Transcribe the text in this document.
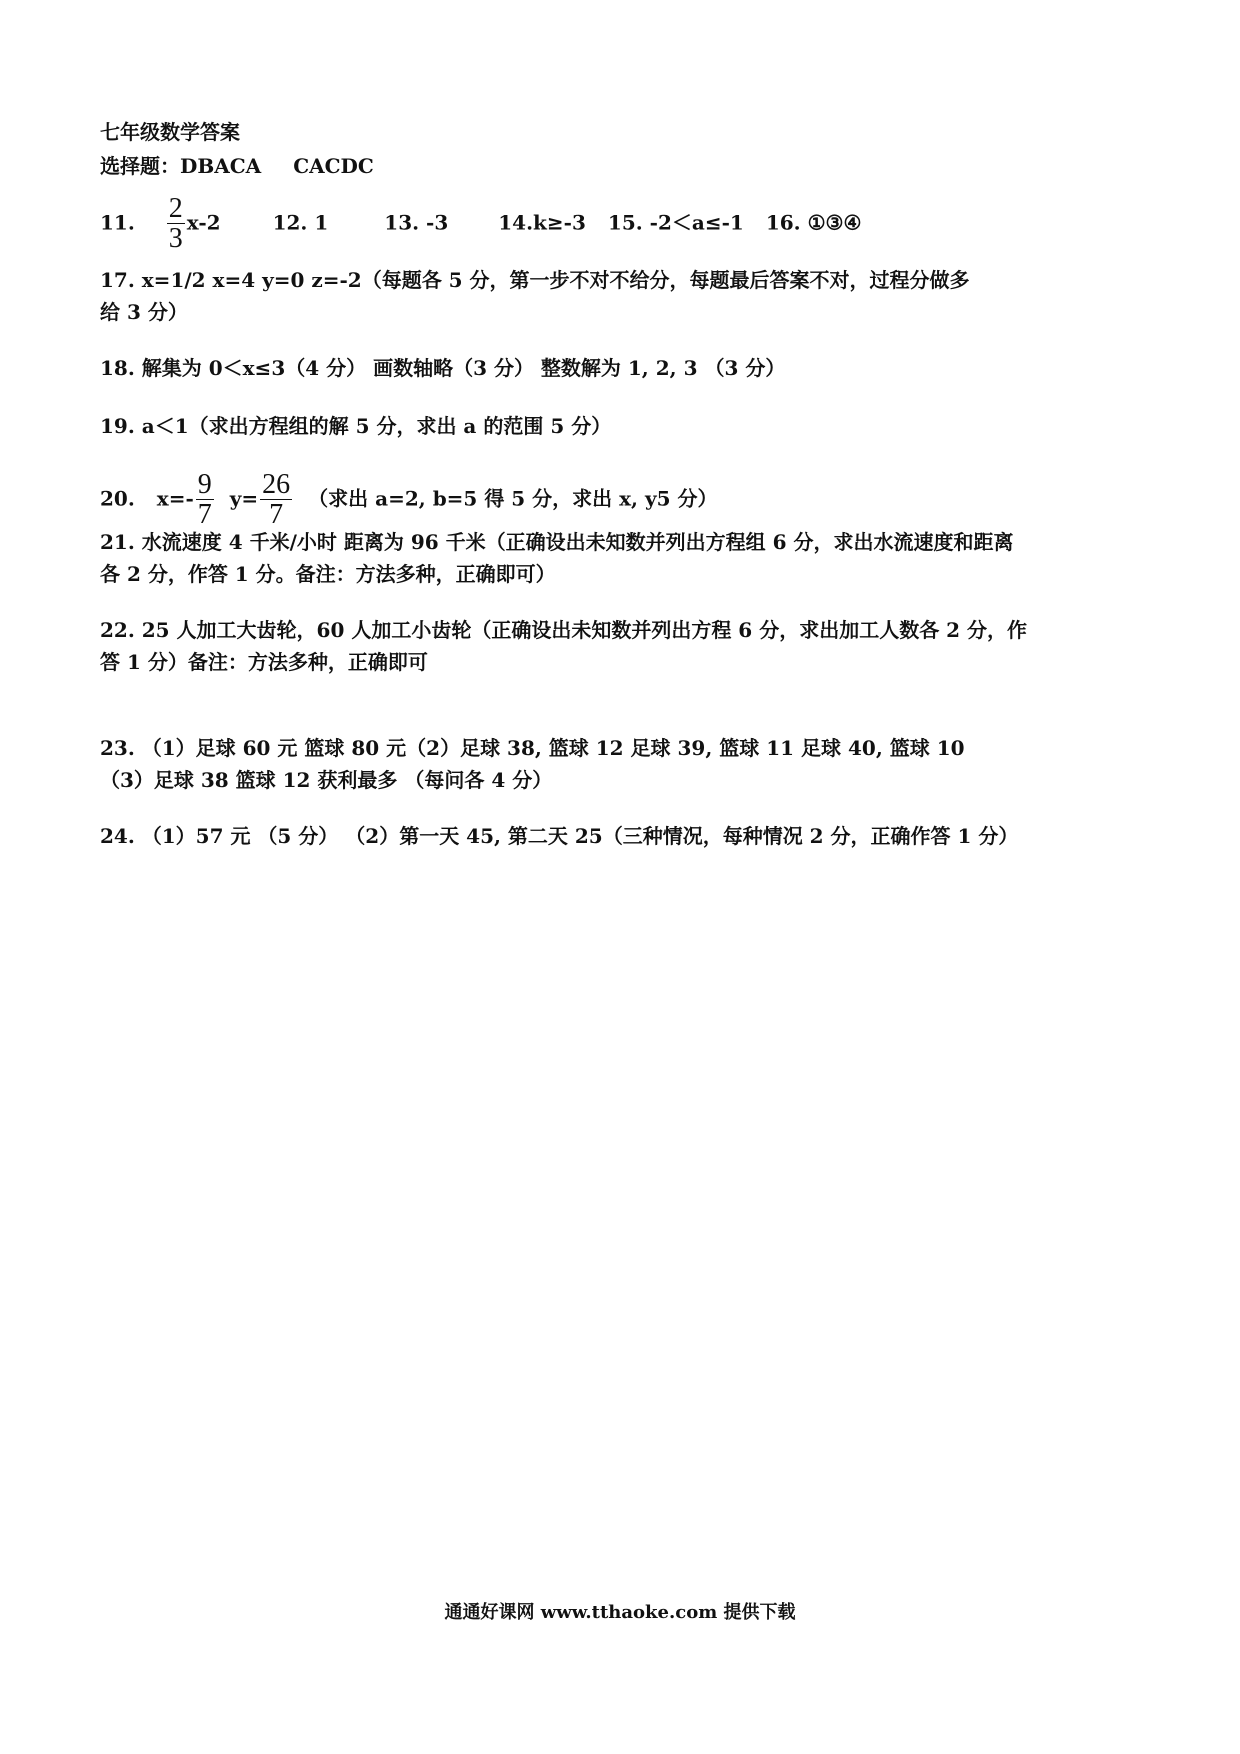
七年级数学答案
选择题：DBACA CACDC
11. $\frac{2}{3} x-2$	12. 1	13. -3	14.k≥-3 15. -2＜a≤-1 16. ①③④
17. x=1/2 x=4 y=0 z=-2（每题各 5 分，第一步不对不给分，每题最后答案不对，过程分做多
给 3 分）
18. 解集为 0＜x≤3（4 分） 画数轴略（3 分） 整数解为 1, 2, 3 （3 分）
19. a＜1（求出方程组的解 5 分，求出 a 的范围 5 分）
20. $x=- \frac{9}{7} y= \frac{26}{7}$ （求出 a=2, b=5 得 5 分，求出 x, y5 分）
21. 水流速度 4 千米/小时 距离为 96 千米（正确设出未知数并列出方程组 6 分，求出水流速度和距离
各 2 分，作答 1 分。备注：方法多种，正确即可）
22. 25 人加工大齿轮，60 人加工小齿轮（正确设出未知数并列出方程 6 分，求出加工人数各 2 分，作
答 1 分）备注：方法多种，正确即可
23. （1）足球 60 元 篮球 80 元（2）足球 38, 篮球 12 足球 39, 篮球 11 足球 40, 篮球 10
（3）足球 38 篮球 12 获利最多 （每问各 4 分）
24. （1）57 元 （5 分） （2）第一天 45, 第二天 25（三种情况，每种情况 2 分，正确作答 1 分）
通通好课网 www.tthaoke.com 提供下载
